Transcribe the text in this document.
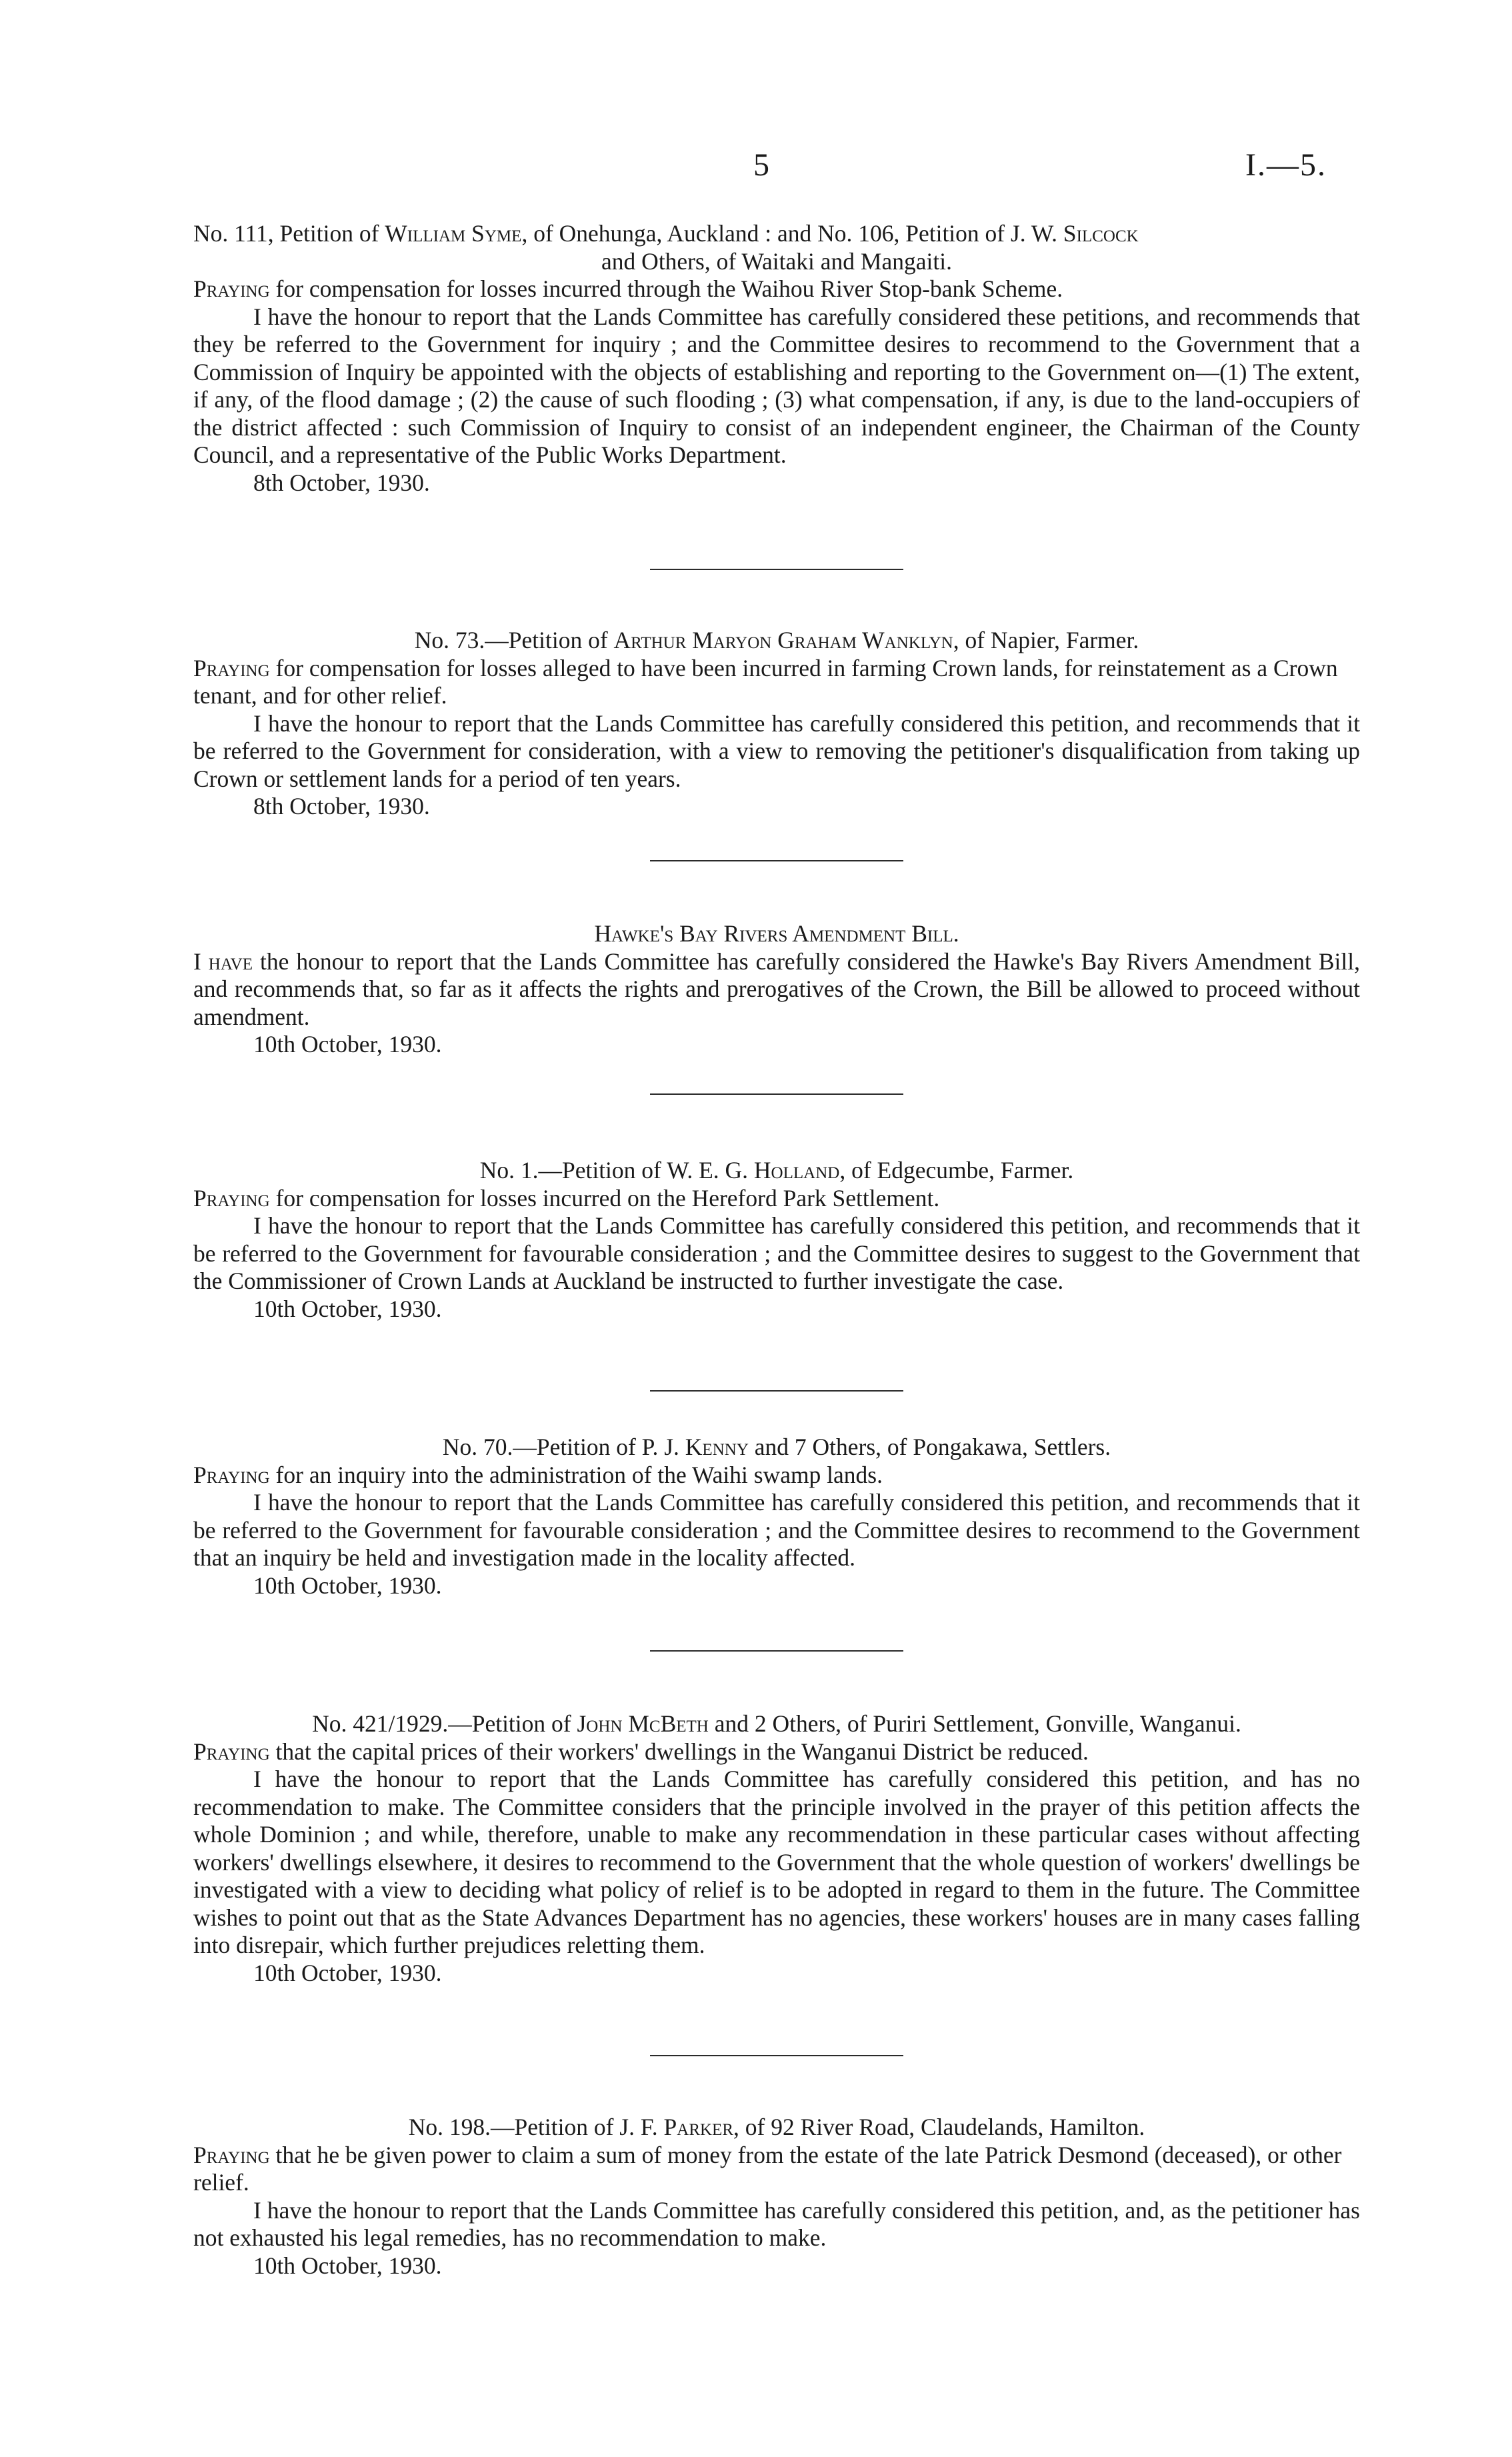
5	I.—5.

No. 111, Petition of William Syme, of Onehunga, Auckland : and No. 106, Petition of J. W. Silcock

and Others, of Waitaki and Mangaiti.

Praying for compensation for losses incurred through the Waihou River Stop-bank Scheme.

I have the honour to report that the Lands Committee has carefully considered these petitions, and recommends that they be referred to the Government for inquiry ; and the Committee desires to recommend to the Government that a Commission of Inquiry be appointed with the objects of establishing and reporting to the Government on—(1) The extent, if any, of the flood damage ; (2) the cause of such flooding ; (3) what compensation, if any, is due to the land-occupiers of the district affected : such Commission of Inquiry to consist of an independent engineer, the Chairman of the County Council, and a representative of the Public Works Department.

8th October, 1930.

No. 73.—Petition of Arthur Maryon Graham Wanklyn, of Napier, Farmer.

Praying for compensation for losses alleged to have been incurred in farming Crown lands, for reinstatement as a Crown tenant, and for other relief.

I have the honour to report that the Lands Committee has carefully considered this petition, and recommends that it be referred to the Government for consideration, with a view to removing the petitioner's disqualification from taking up Crown or settlement lands for a period of ten years.

8th October, 1930.

Hawke's Bay Rivers Amendment Bill.

I have the honour to report that the Lands Committee has carefully considered the Hawke's Bay Rivers Amendment Bill, and recommends that, so far as it affects the rights and prerogatives of the Crown, the Bill be allowed to proceed without amendment.

10th October, 1930.

No. 1.—Petition of W. E. G. Holland, of Edgecumbe, Farmer.

Praying for compensation for losses incurred on the Hereford Park Settlement.

I have the honour to report that the Lands Committee has carefully considered this petition, and recommends that it be referred to the Government for favourable consideration ; and the Committee desires to suggest to the Government that the Commissioner of Crown Lands at Auckland be instructed to further investigate the case.

10th October, 1930.

No. 70.—Petition of P. J. Kenny and 7 Others, of Pongakawa, Settlers.

Praying for an inquiry into the administration of the Waihi swamp lands.

I have the honour to report that the Lands Committee has carefully considered this petition, and recommends that it be referred to the Government for favourable consideration ; and the Committee desires to recommend to the Government that an inquiry be held and investigation made in the locality affected.

10th October, 1930.

No. 421/1929.—Petition of John McBeth and 2 Others, of Puriri Settlement, Gonville, Wanganui.

Praying that the capital prices of their workers' dwellings in the Wanganui District be reduced.

I have the honour to report that the Lands Committee has carefully considered this petition, and has no recommendation to make. The Committee considers that the principle involved in the prayer of this petition affects the whole Dominion ; and while, therefore, unable to make any recommendation in these particular cases without affecting workers' dwellings elsewhere, it desires to recommend to the Government that the whole question of workers' dwellings be investigated with a view to deciding what policy of relief is to be adopted in regard to them in the future. The Committee wishes to point out that as the State Advances Department has no agencies, these workers' houses are in many cases falling into disrepair, which further prejudices reletting them.

10th October, 1930.

No. 198.—Petition of J. F. Parker, of 92 River Road, Claudelands, Hamilton.

Praying that he be given power to claim a sum of money from the estate of the late Patrick Desmond (deceased), or other relief.

I have the honour to report that the Lands Committee has carefully considered this petition, and, as the petitioner has not exhausted his legal remedies, has no recommendation to make.

10th October, 1930.
